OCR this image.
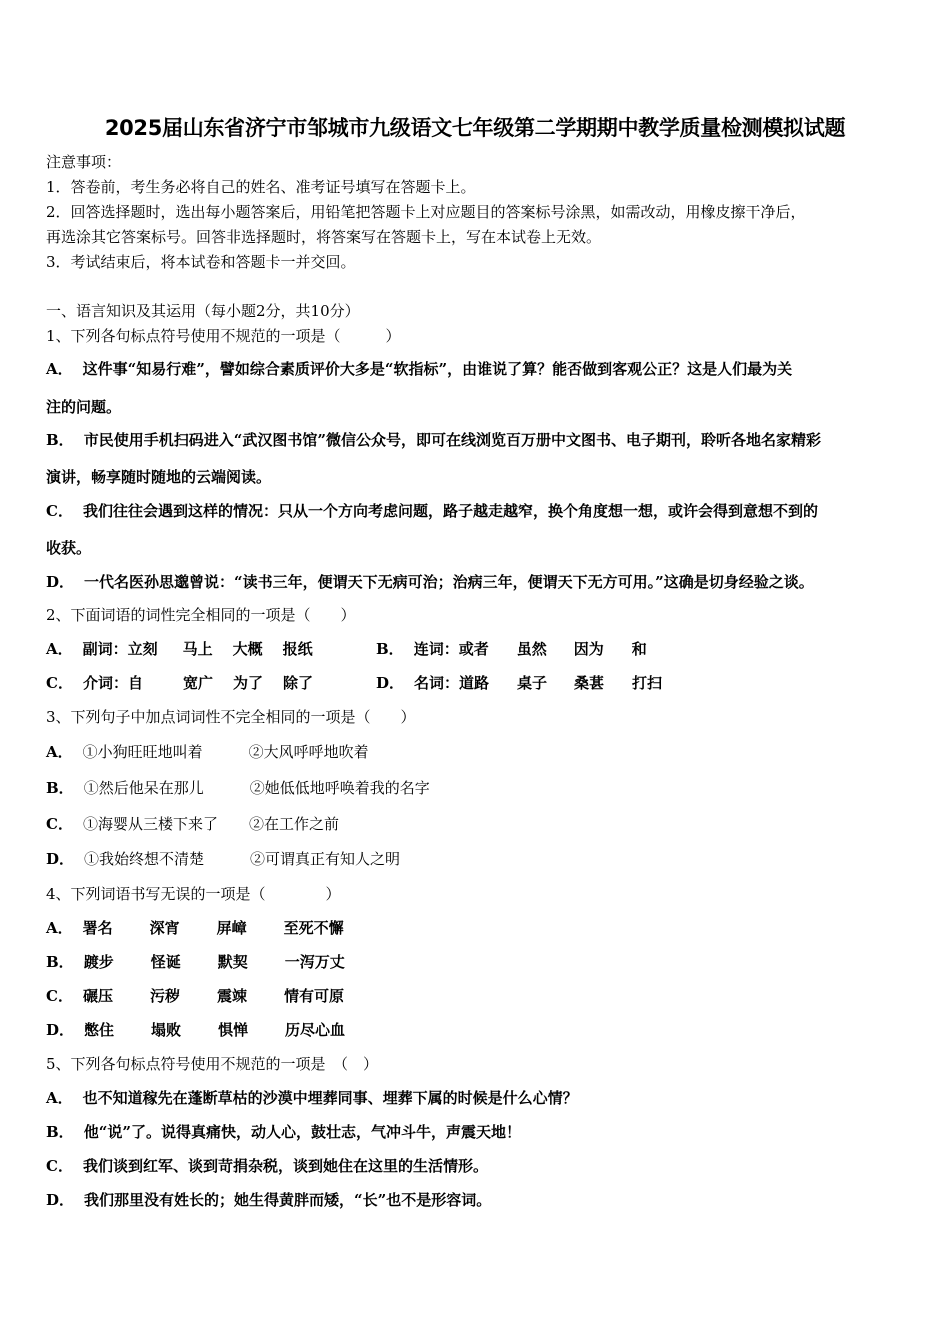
2025届山东省济宁市邹城市九级语文七年级第二学期期中教学质量检测模拟试题
注意事项：
1．答卷前，考生务必将自己的姓名、准考证号填写在答题卡上。
2．回答选择题时，选出每小题答案后，用铅笔把答题卡上对应题目的答案标号涂黑，如需改动，用橡皮擦干净后，
再选涂其它答案标号。回答非选择题时，将答案写在答题卡上，写在本试卷上无效。
3．考试结束后，将本试卷和答题卡一并交回。
一、语言知识及其运用（每小题2分，共10分）
1、下列各句标点符号使用不规范的一项是（　　　）
A． 这件事“知易行难”，譬如综合素质评价大多是“软指标”，由谁说了算？能否做到客观公正？这是人们最为关
注的问题。
B． 市民使用手机扫码进入“武汉图书馆”微信公众号，即可在线浏览百万册中文图书、电子期刊，聆听各地名家精彩
演讲，畅享随时随地的云端阅读。
C． 我们往往会遇到这样的情况：只从一个方向考虑问题，路子越走越窄，换个角度想一想，或许会得到意想不到的
收获。
D． 一代名医孙思邈曾说：“读书三年，便谓天下无病可治；治病三年，便谓天下无方可用。”这确是切身经验之谈。
2、下面词语的词性完全相同的一项是（　　）
A． 副词：立刻 马上 大概 报纸	B． 连词：或者 虽然 因为 和
C． 介词：自	宽广 为了 除了	D． 名词：道路 桌子 桑葚 打扫
3、下列句子中加点词词性不完全相同的一项是（　　）
A． ①小狗旺旺地叫着	②大风呼呼地吹着
B． ①然后他呆在那儿	②她低低地呼唤着我的名字
C． ①海婴从三楼下来了 ②在工作之前
D． ①我始终想不清楚	②可谓真正有知人之明
4、下列词语书写无误的一项是（　　　　）
A． 署名 深宵 屏嶂 至死不懈
B． 踱步 怪诞 默契 一泻万丈
C． 碾压 污秽 震竦 情有可原
D． 憋住 塌败 惧惮 历尽心血
5、下列各句标点符号使用不规范的一项是　（　）
A． 也不知道稼先在蓬断草枯的沙漠中埋葬同事、埋葬下属的时候是什么心情？
B． 他“说”了。说得真痛快，动人心，鼓壮志，气冲斗牛，声震天地！
C． 我们谈到红军、谈到苛捐杂税，谈到她住在这里的生活情形。
D． 我们那里没有姓长的；她生得黄胖而矮，“长”也不是形容词。
